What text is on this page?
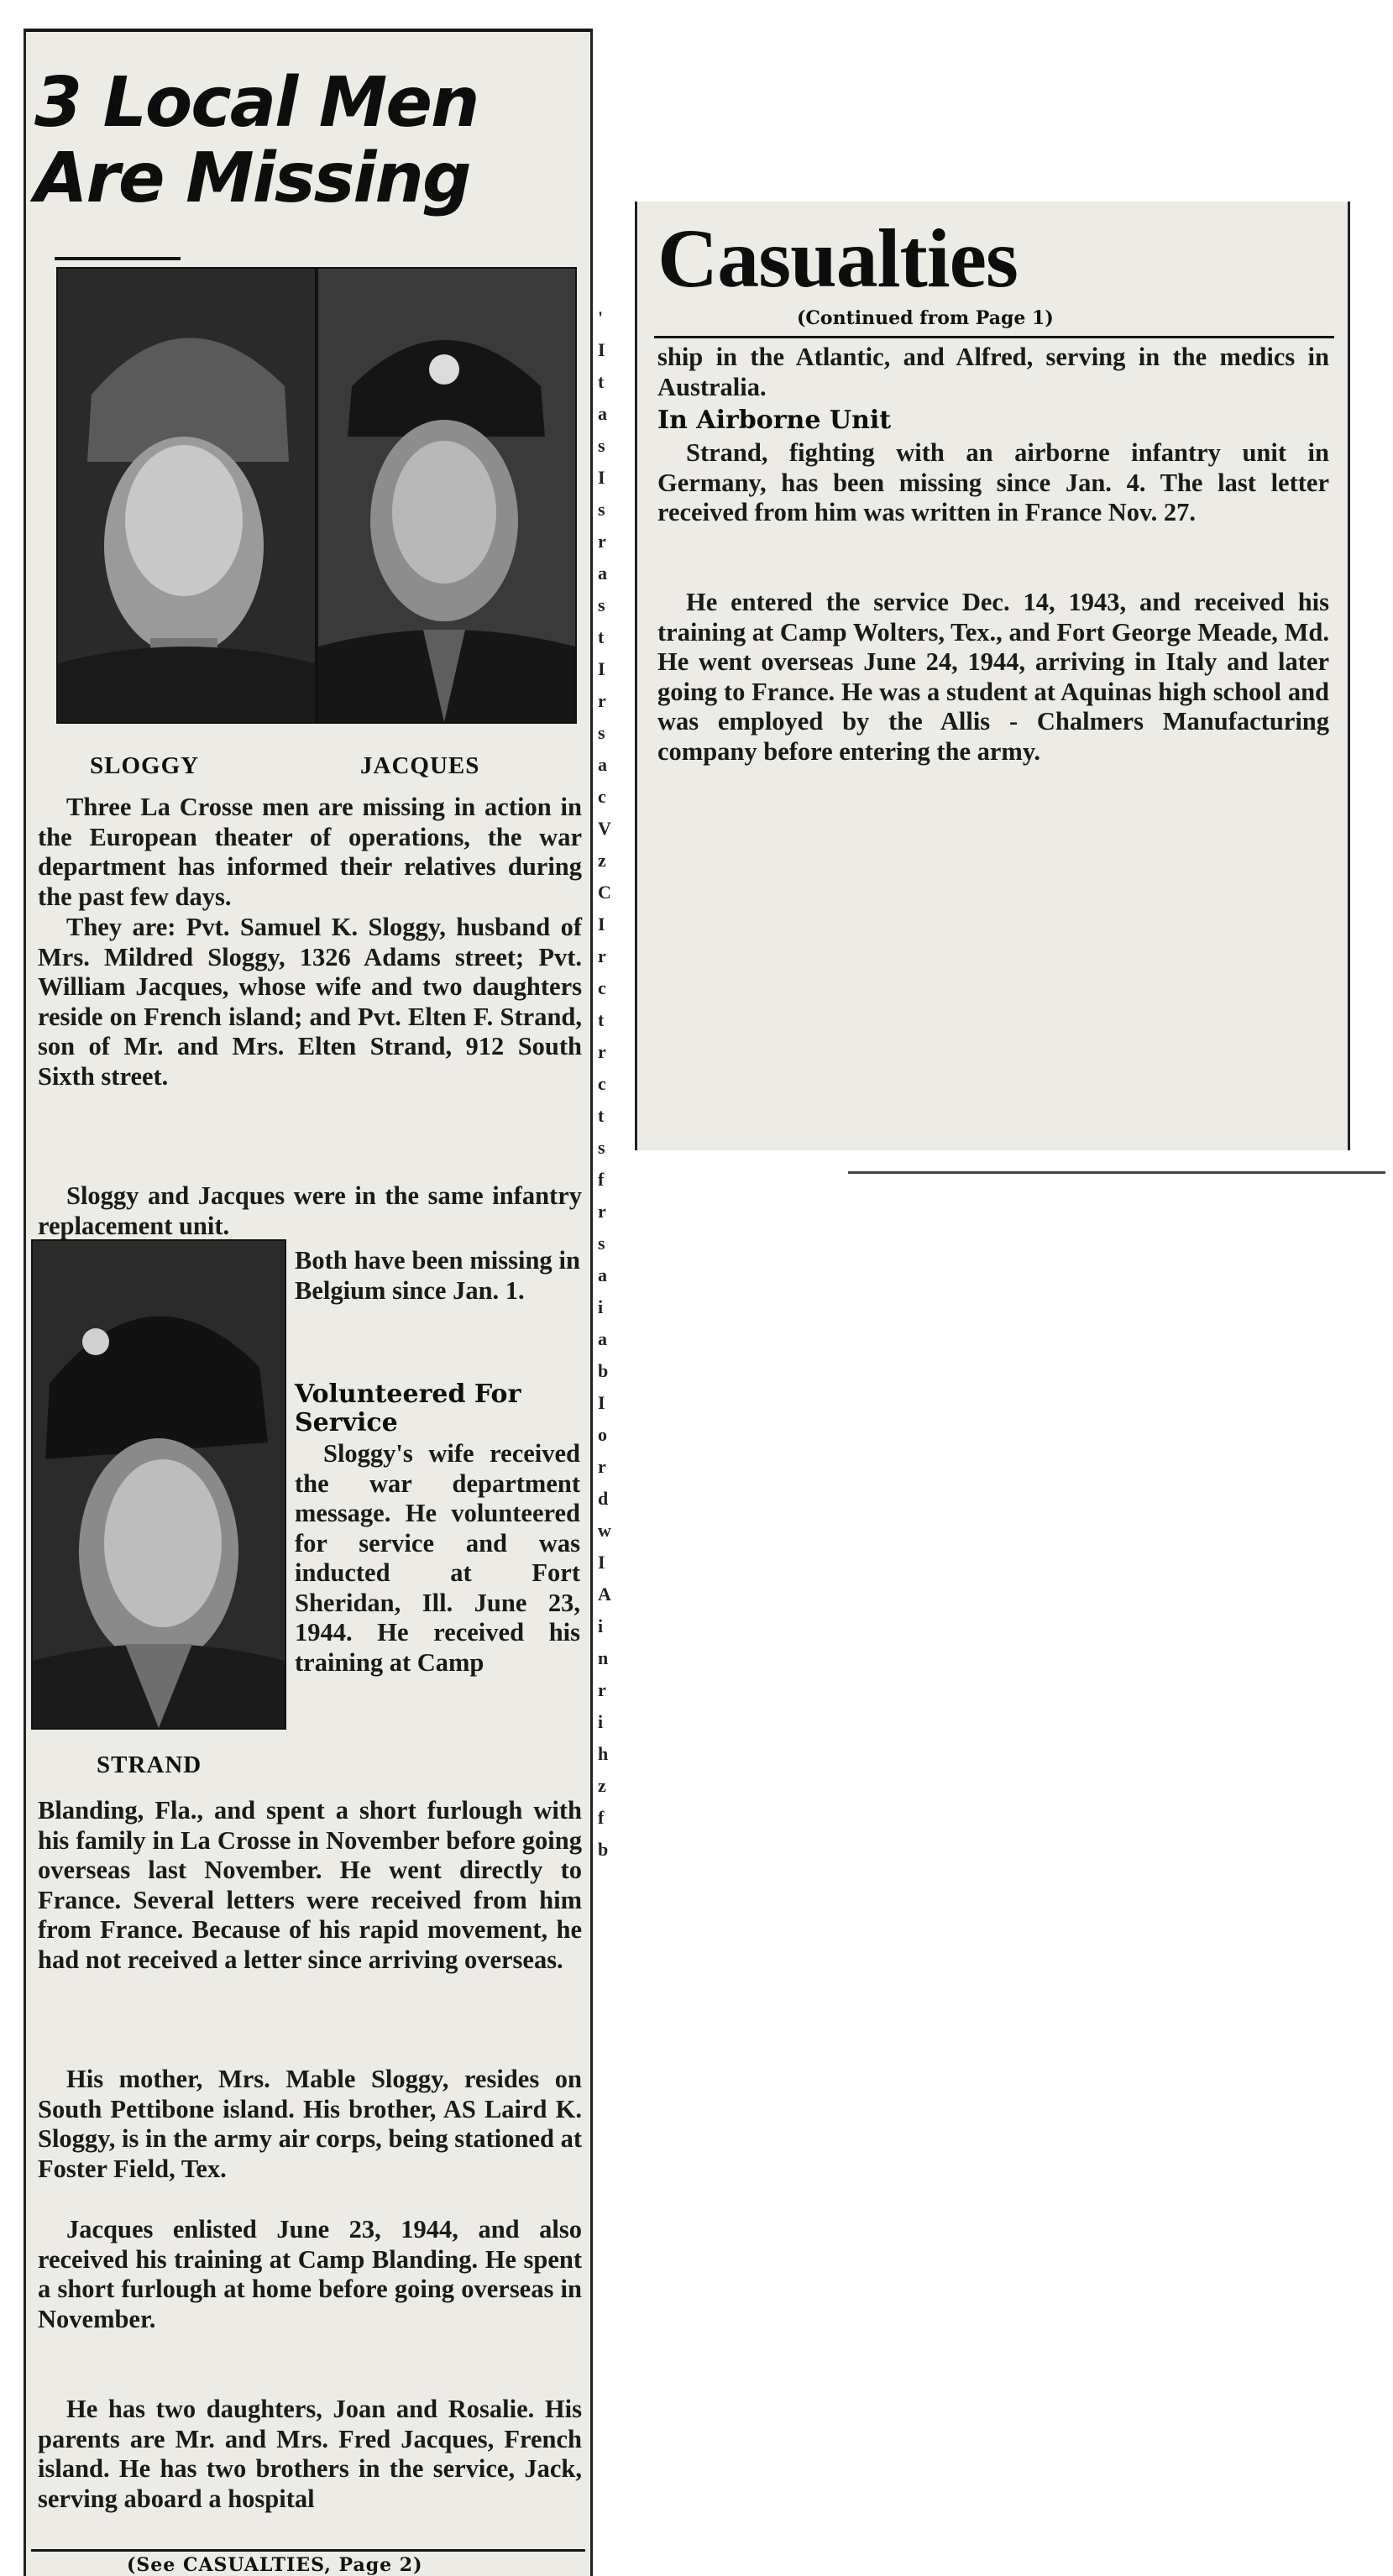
3 Local Men
Are Missing
SLOGGY	JACQUES

Three La Crosse men are missing in action in the European theater of operations, the war department has informed their relatives during the past few days.

They are: Pvt. Samuel K. Sloggy, husband of Mrs. Mildred Sloggy, 1326 Adams street; Pvt. William Jacques, whose wife and two daughters reside on French island; and Pvt. Elten F. Strand, son of Mr. and Mrs. Elten Strand, 912 South Sixth street.

Sloggy and Jacques were in the same infantry replacement unit.

STRAND

Both have been missing in Belgium since Jan. 1.

Volunteered For Service

Sloggy's wife received the war department message. He volunteered for service and was inducted at Fort Sheridan, Ill. June 23, 1944. He received his training at Camp

Blanding, Fla., and spent a short furlough with his family in La Crosse in November before going overseas last November. He went directly to France. Several letters were received from him from France. Because of his rapid movement, he had not received a letter since arriving overseas.

His mother, Mrs. Mable Sloggy, resides on South Pettibone island. His brother, AS Laird K. Sloggy, is in the army air corps, being stationed at Foster Field, Tex.

Jacques enlisted June 23, 1944, and also received his training at Camp Blanding. He spent a short furlough at home before going overseas in November.

He has two daughters, Joan and Rosalie. His parents are Mr. and Mrs. Fred Jacques, French island. He has two brothers in the service, Jack, serving aboard a hospital

(See CASUALTIES, Page 2)
'
I
t
a
s
I
s
r
a
s
t
I
r
s
a
c
V
z
C
I
r
c
t
r
c
t
s
f
r
s
a
i
a
b
I
o
r
d
w
I
A
i
n
r
i
h
z
f
b
Casualties
(Continued from Page 1)

ship in the Atlantic, and Alfred, serving in the medics in Australia.

In Airborne Unit

Strand, fighting with an airborne infantry unit in Germany, has been missing since Jan. 4. The last letter received from him was written in France Nov. 27.

He entered the service Dec. 14, 1943, and received his training at Camp Wolters, Tex., and Fort George Meade, Md. He went overseas June 24, 1944, arriving in Italy and later going to France. He was a student at Aquinas high school and was employed by the Allis - Chalmers Manufacturing company before entering the army.
